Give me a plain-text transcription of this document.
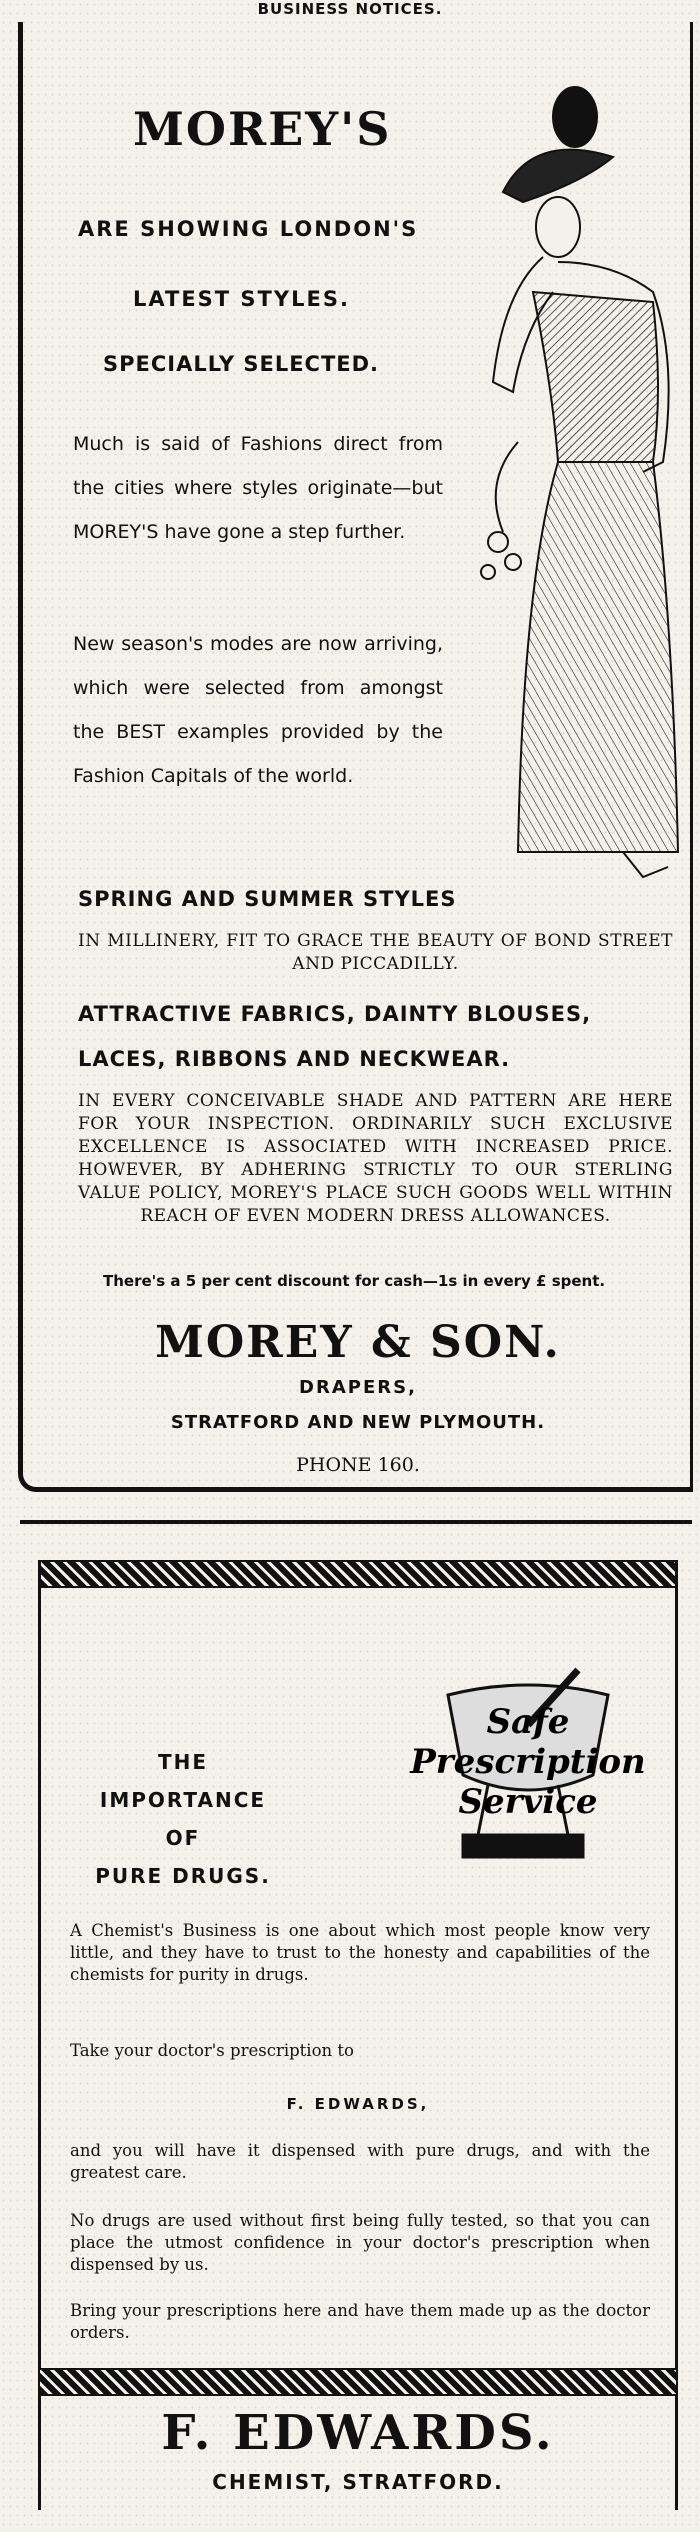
BUSINESS NOTICES.
MOREY'S
ARE SHOWING LONDON'S
LATEST STYLES.
SPECIALLY SELECTED.
Much is said of Fashions direct from the cities where styles originate—but MOREY'S have gone a step further.
New season's modes are now arriving, which were selected from amongst the BEST examples provided by the Fashion Capitals of the world.
SPRING AND SUMMER STYLES
IN MILLINERY, FIT TO GRACE THE BEAUTY OF BOND STREET AND PICCADILLY.
ATTRACTIVE FABRICS, DAINTY BLOUSES,
LACES, RIBBONS AND NECKWEAR.
IN EVERY CONCEIVABLE SHADE AND PATTERN ARE HERE FOR YOUR INSPECTION. ORDINARILY SUCH EXCLUSIVE EXCELLENCE IS ASSOCIATED WITH INCREASED PRICE. HOWEVER, BY ADHERING STRICTLY TO OUR STERLING VALUE POLICY, MOREY'S PLACE SUCH GOODS WELL WITHIN REACH OF EVEN MODERN DRESS ALLOWANCES.
There's a 5 per cent discount for cash—1s in every £ spent.
MOREY & SON.
DRAPERS,
STRATFORD AND NEW PLYMOUTH.
PHONE 160.
THE
IMPORTANCE
OF
PURE DRUGS.
Safe
Prescription
Service
A Chemist's Business is one about which most people know very little, and they have to trust to the honesty and capabilities of the chemists for purity in drugs.
Take your doctor's prescription to
F. EDWARDS,
and you will have it dispensed with pure drugs, and with the greatest care.
No drugs are used without first being fully tested, so that you can place the utmost confidence in your doctor's prescription when dispensed by us.
Bring your prescriptions here and have them made up as the doctor orders.
F. EDWARDS.
CHEMIST, STRATFORD.
